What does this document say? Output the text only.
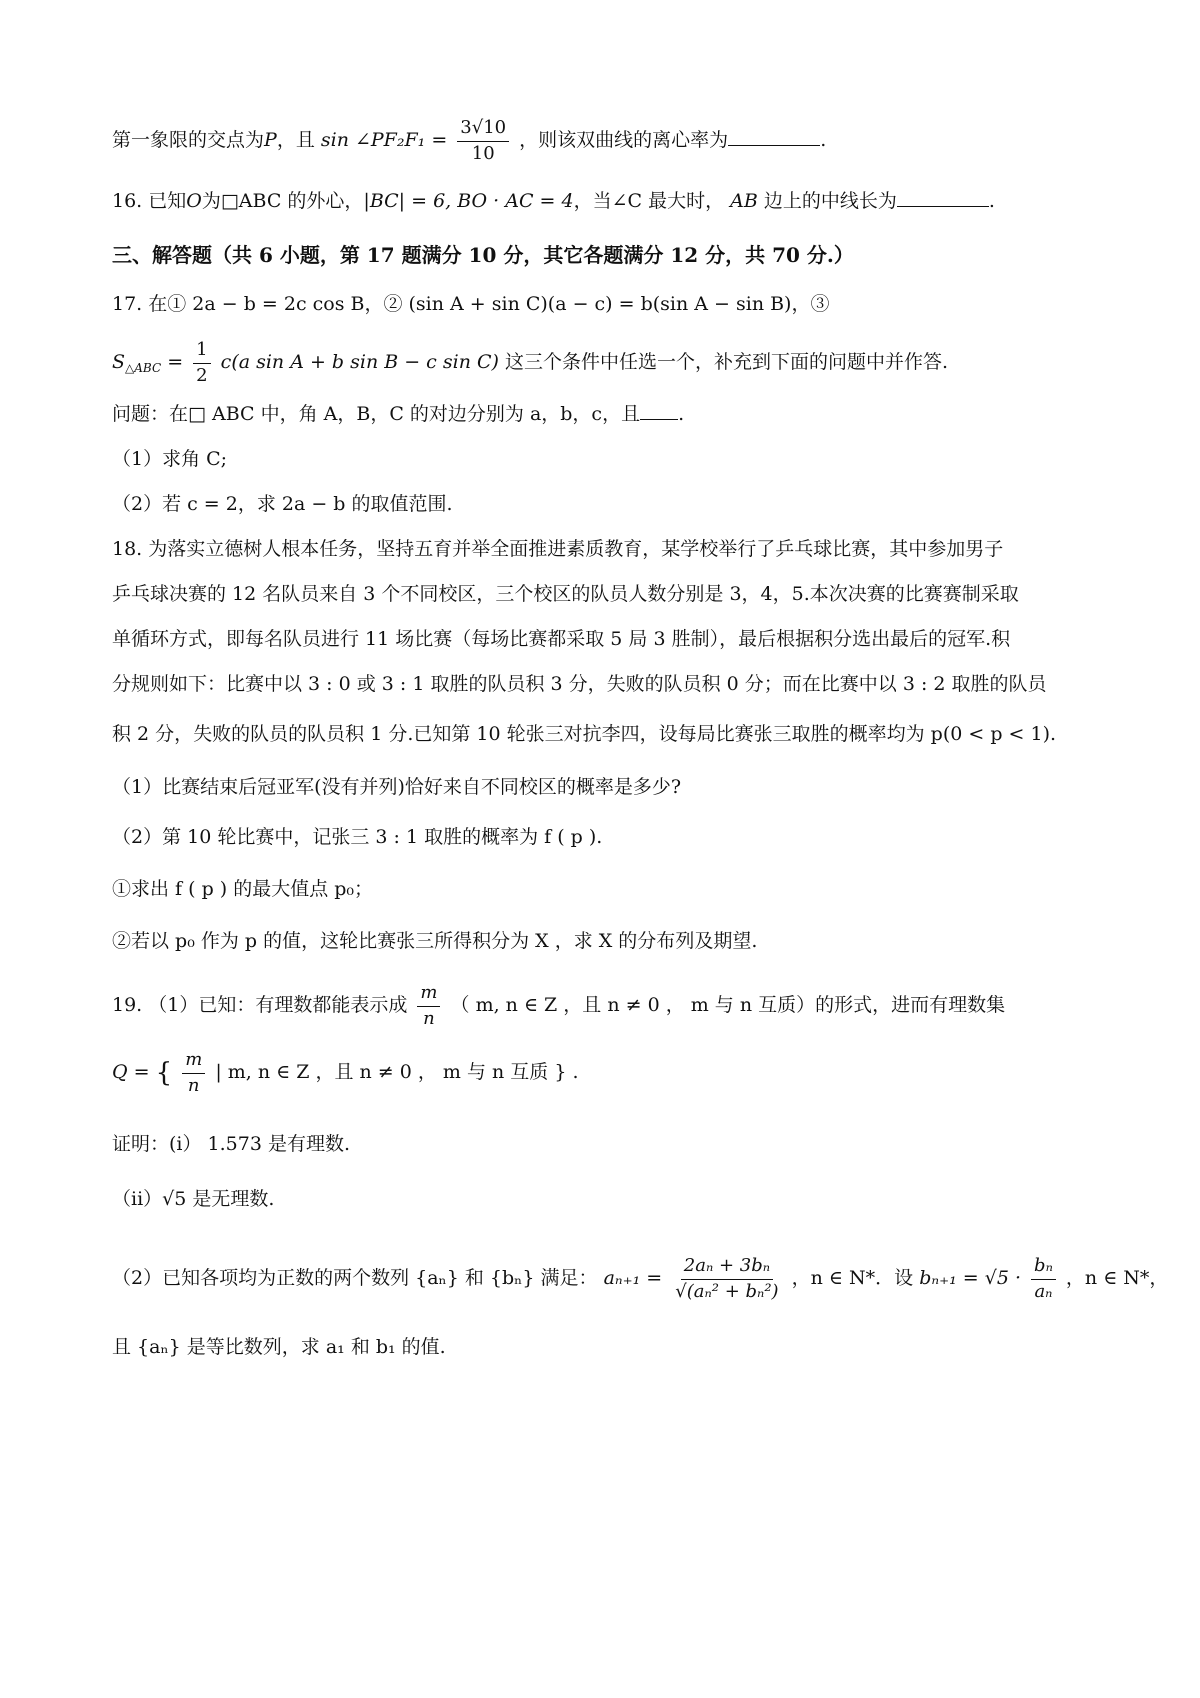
第一象限的交点为P，且 sin ∠PF₂F₁ = $\frac{3√10}{10}$ ，则该双曲线的离心率为	.
16. 已知O为□ABC 的外心，|BC| = 6, BO · AC = 4，当∠C 最大时， AB 边上的中线长为	.
三、解答题（共 6 小题，第 17 题满分 10 分，其它各题满分 12 分，共 70 分.）
17. 在① 2a − b = 2c cos B，② (sin A + sin C)(a − c) = b(sin A − sin B)，③
$S_{\triangle ABC} = \frac{1}{2} c(a$ sin A + b sin B − c sin C) 这三个条件中任选一个，补充到下面的问题中并作答.
问题：在□ ABC 中，角 A，B，C 的对边分别为 a，b，c，且 .
（1）求角 C;
（2）若 c = 2，求 2a − b 的取值范围.
18. 为落实立德树人根本任务，坚持五育并举全面推进素质教育，某学校举行了乒乓球比赛，其中参加男子
乒乓球决赛的 12 名队员来自 3 个不同校区，三个校区的队员人数分别是 3，4，5.本次决赛的比赛赛制采取
单循环方式，即每名队员进行 11 场比赛（每场比赛都采取 5 局 3 胜制），最后根据积分选出最后的冠军.积
分规则如下：比赛中以 3 : 0 或 3 : 1 取胜的队员积 3 分，失败的队员积 0 分；而在比赛中以 3 : 2 取胜的队员
积 2 分，失败的队员的队员积 1 分.已知第 10 轮张三对抗李四，设每局比赛张三取胜的概率均为 p(0 < p < 1).
（1）比赛结束后冠亚军(没有并列)恰好来自不同校区的概率是多少?
（2）第 10 轮比赛中，记张三 3 : 1 取胜的概率为 f ( p ).
①求出 f ( p ) 的最大值点 p₀；
②若以 p₀ 作为 p 的值，这轮比赛张三所得积分为 X ，求 X 的分布列及期望.
19. （1）已知：有理数都能表示成 $\frac{m}{n}$ （ m, n ∈ Z ，且 n ≠ 0 ， m 与 n 互质）的形式，进而有理数集
Q = { $\frac{m}{n}$ | m, n ∈ Z ，且 n ≠ 0 ， m 与 n 互质 } .
证明：(i） 1.573 是有理数.
（ii）√5 是无理数.
（2）已知各项均为正数的两个数列 {aₙ} 和 {bₙ} 满足： $a_{n+1} = \frac{\text{2aₙ + 3bₙ}}{\text{√(aₙ² + bₙ²)}}$ ，n ∈ N*．设 $b_{n+1} = √5 \cdot \frac{\text{bₙ}}{\text{aₙ}}$ ，n ∈ N*，
且 {aₙ} 是等比数列，求 a₁ 和 b₁ 的值.
